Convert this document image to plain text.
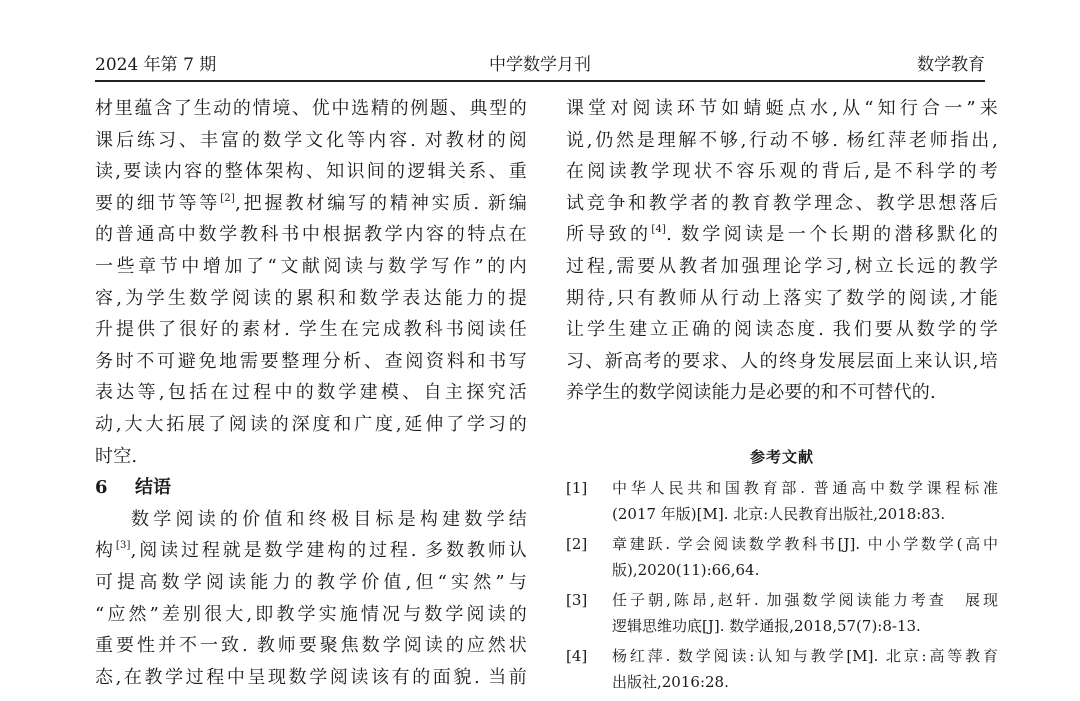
2024 年第 7 期	中学数学月刊	数学教育
材里蕴含了生动的情境、优中选精的例题、典型的
课后练习、丰富的数学文化等内容. 对教材的阅
读,要读内容的整体架构、知识间的逻辑关系、重
要的细节等等[2],把握教材编写的精神实质. 新编
的普通高中数学教科书中根据教学内容的特点在
一些章节中增加了“文献阅读与数学写作”的内
容,为学生数学阅读的累积和数学表达能力的提
升提供了很好的素材. 学生在完成教科书阅读任
务时不可避免地需要整理分析、查阅资料和书写
表达等,包括在过程中的数学建模、自主探究活
动,大大拓展了阅读的深度和广度,延伸了学习的
时空.
6 结语
数学阅读的价值和终极目标是构建数学结
构[3],阅读过程就是数学建构的过程. 多数教师认
可提高数学阅读能力的教学价值,但“实然”与
“应然”差别很大,即教学实施情况与数学阅读的
重要性并不一致. 教师要聚焦数学阅读的应然状
态,在教学过程中呈现数学阅读该有的面貌. 当前
课堂对阅读环节如蜻蜓点水,从“知行合一”来
说,仍然是理解不够,行动不够. 杨红萍老师指出,
在阅读教学现状不容乐观的背后,是不科学的考
试竞争和教学者的教育教学理念、教学思想落后
所导致的[4]. 数学阅读是一个长期的潜移默化的
过程,需要从教者加强理论学习,树立长远的教学
期待,只有教师从行动上落实了数学的阅读,才能
让学生建立正确的阅读态度. 我们要从数学的学
习、新高考的要求、人的终身发展层面上来认识,培
养学生的数学阅读能力是必要的和不可替代的.
参考文献
[1] 中华人民共和国教育部. 普通高中数学课程标准
(2017 年版)[M]. 北京:人民教育出版社,2018:83.
[2] 章建跃. 学会阅读数学教科书[J]. 中小学数学(高中
版),2020(11):66,64.
[3] 任子朝,陈昂,赵轩. 加强数学阅读能力考查　展现
逻辑思维功底[J]. 数学通报,2018,57(7):8-13.
[4] 杨红萍. 数学阅读:认知与教学[M]. 北京:高等教育
出版社,2016:28.
